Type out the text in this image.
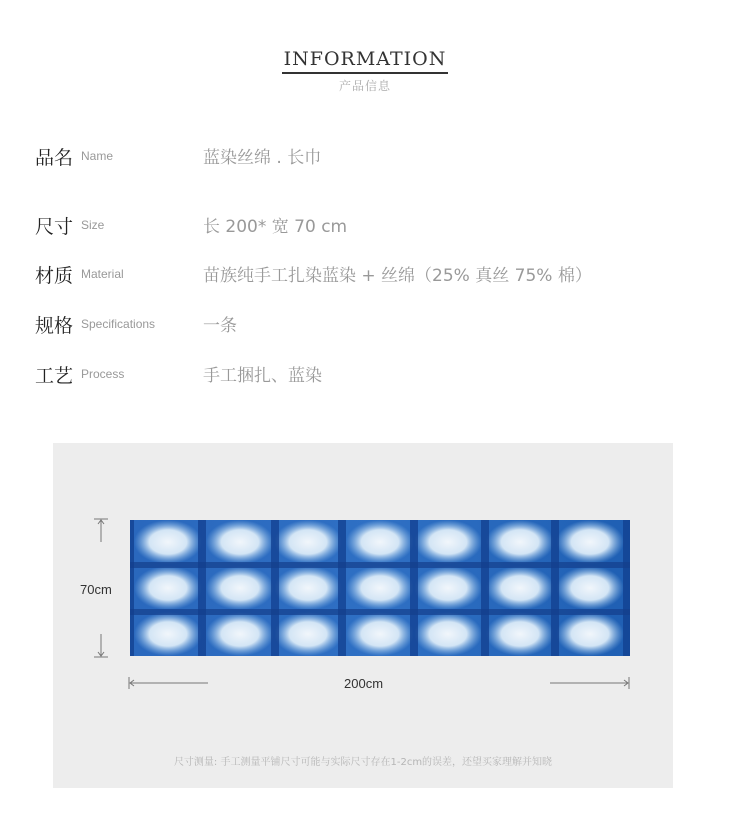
INFORMATION
产品信息
品名 Name	蓝染丝绵 . 长巾
尺寸 Size	长 200* 宽 70 cm
材质 Material	苗族纯手工扎染蓝染 + 丝绵（25% 真丝 75% 棉）
规格 Specifications	一条
工艺 Process	手工捆扎、蓝染
70cm
200cm
尺寸测量: 手工测量平铺尺寸可能与实际尺寸存在1-2cm的误差，还望买家理解并知晓
